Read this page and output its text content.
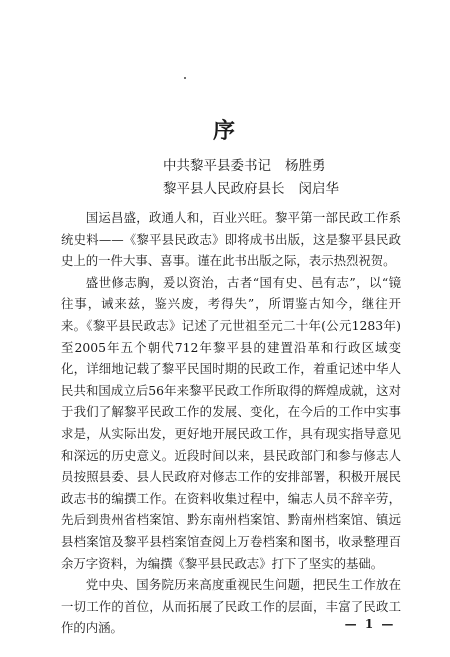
序
中共黎平县委书记 杨胜勇
黎平县人民政府县长 闵启华

国运昌盛，政通人和，百业兴旺。黎平第一部民政工作系统史料——《黎平县民政志》即将成书出版，这是黎平县民政史上的一件大事、喜事。谨在此书出版之际，表示热烈祝贺。

盛世修志胸，爰以资治，古者“国有史、邑有志”，以“镜往事，诫来兹，鉴兴废，考得失”，所谓鉴古知今，继往开来。《黎平县民政志》记述了元世祖至元二十年(公元1283年)至2005年五个朝代712年黎平县的建置沿革和行政区域变化，详细地记载了黎平民国时期的民政工作，着重记述中华人民共和国成立后56年来黎平民政工作所取得的辉煌成就，这对于我们了解黎平民政工作的发展、变化，在今后的工作中实事求是，从实际出发，更好地开展民政工作，具有现实指导意见和深远的历史意义。近段时间以来，县民政部门和参与修志人员按照县委、县人民政府对修志工作的安排部署，积极开展民政志书的编撰工作。在资料收集过程中，编志人员不辞辛劳，先后到贵州省档案馆、黔东南州档案馆、黔南州档案馆、镇远县档案馆及黎平县档案馆查阅上万卷档案和图书，收录整理百余万字资料，为编撰《黎平县民政志》打下了坚实的基础。

党中央、国务院历来高度重视民生问题，把民生工作放在一切工作的首位，从而拓展了民政工作的层面，丰富了民政工作的内涵。	— 1 —
